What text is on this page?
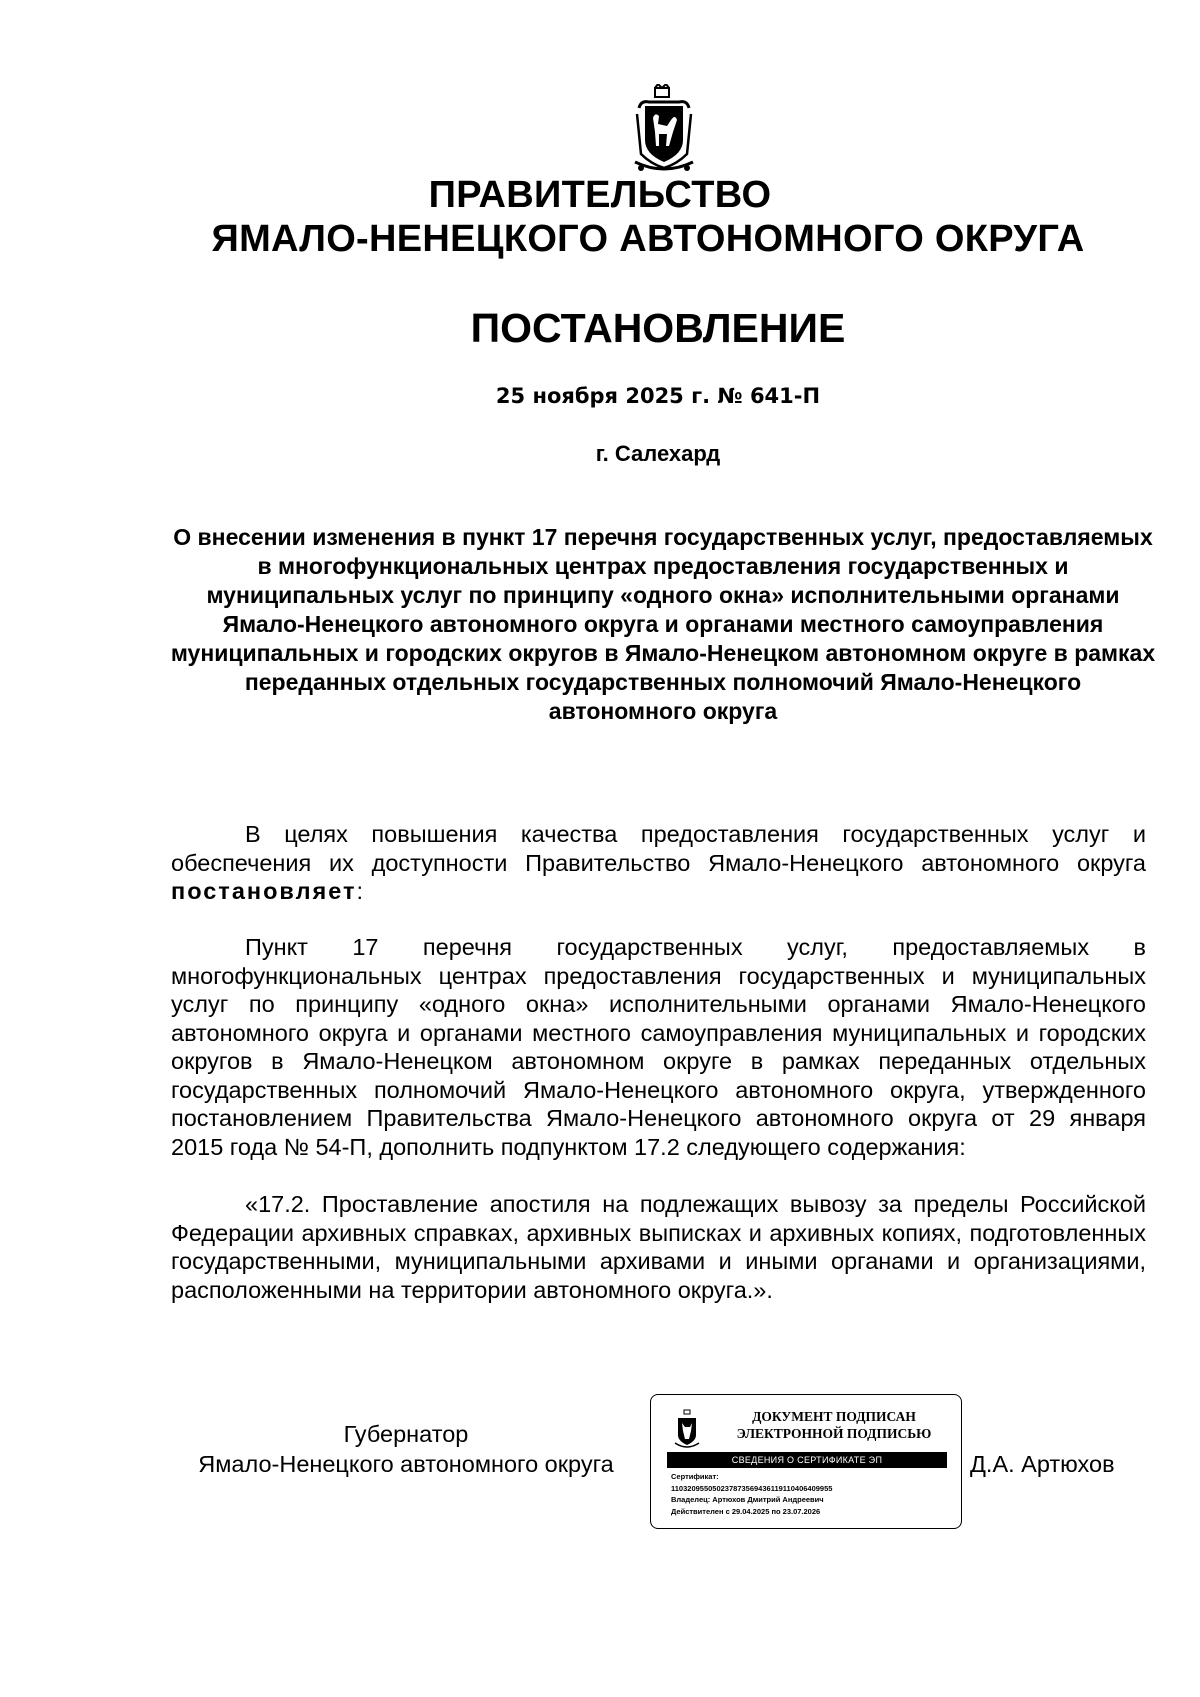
ПРАВИТЕЛЬСТВО
ЯМАЛО-НЕНЕЦКОГО АВТОНОМНОГО ОКРУГА
ПОСТАНОВЛЕНИЕ
25 ноября 2025 г. № 641-П
г. Салехард
О внесении изменения в пункт 17 перечня государственных услуг, предоставляемых в многофункциональных центрах предоставления государственных и муниципальных услуг по принципу «одного окна» исполнительными органами Ямало-Ненецкого автономного округа и органами местного самоуправления муниципальных и городских округов в Ямало-Ненецком автономном округе в рамках переданных отдельных государственных полномочий Ямало-Ненецкого автономного округа
В целях повышения качества предоставления государственных услуг и обеспечения их доступности Правительство Ямало-Ненецкого автономного округа постановляет:
Пункт 17 перечня государственных услуг, предоставляемых в многофункциональных центрах предоставления государственных и муниципальных услуг по принципу «одного окна» исполнительными органами Ямало-Ненецкого автономного округа и органами местного самоуправления муниципальных и городских округов в Ямало-Ненецком автономном округе в рамках переданных отдельных государственных полномочий Ямало-Ненецкого автономного округа, утвержденного постановлением Правительства Ямало-Ненецкого автономного округа от 29 января 2015 года № 54-П, дополнить подпунктом 17.2 следующего содержания:
«17.2. Проставление апостиля на подлежащих вывозу за пределы Российской Федерации архивных справках, архивных выписках и архивных копиях, подготовленных государственными, муниципальными архивами и иными органами и организациями, расположенными на территории автономного округа.».
Губернатор
Ямало-Ненецкого автономного округа
ДОКУМЕНТ ПОДПИСАН
ЭЛЕКТРОННОЙ ПОДПИСЬЮ
СВЕДЕНИЯ О СЕРТИФИКАТЕ ЭП
Сертификат:
110320955050237873569436119110406409955
Владелец: Артюхов Дмитрий Андреевич
Действителен с 29.04.2025 по 23.07.2026
Д.А. Артюхов
